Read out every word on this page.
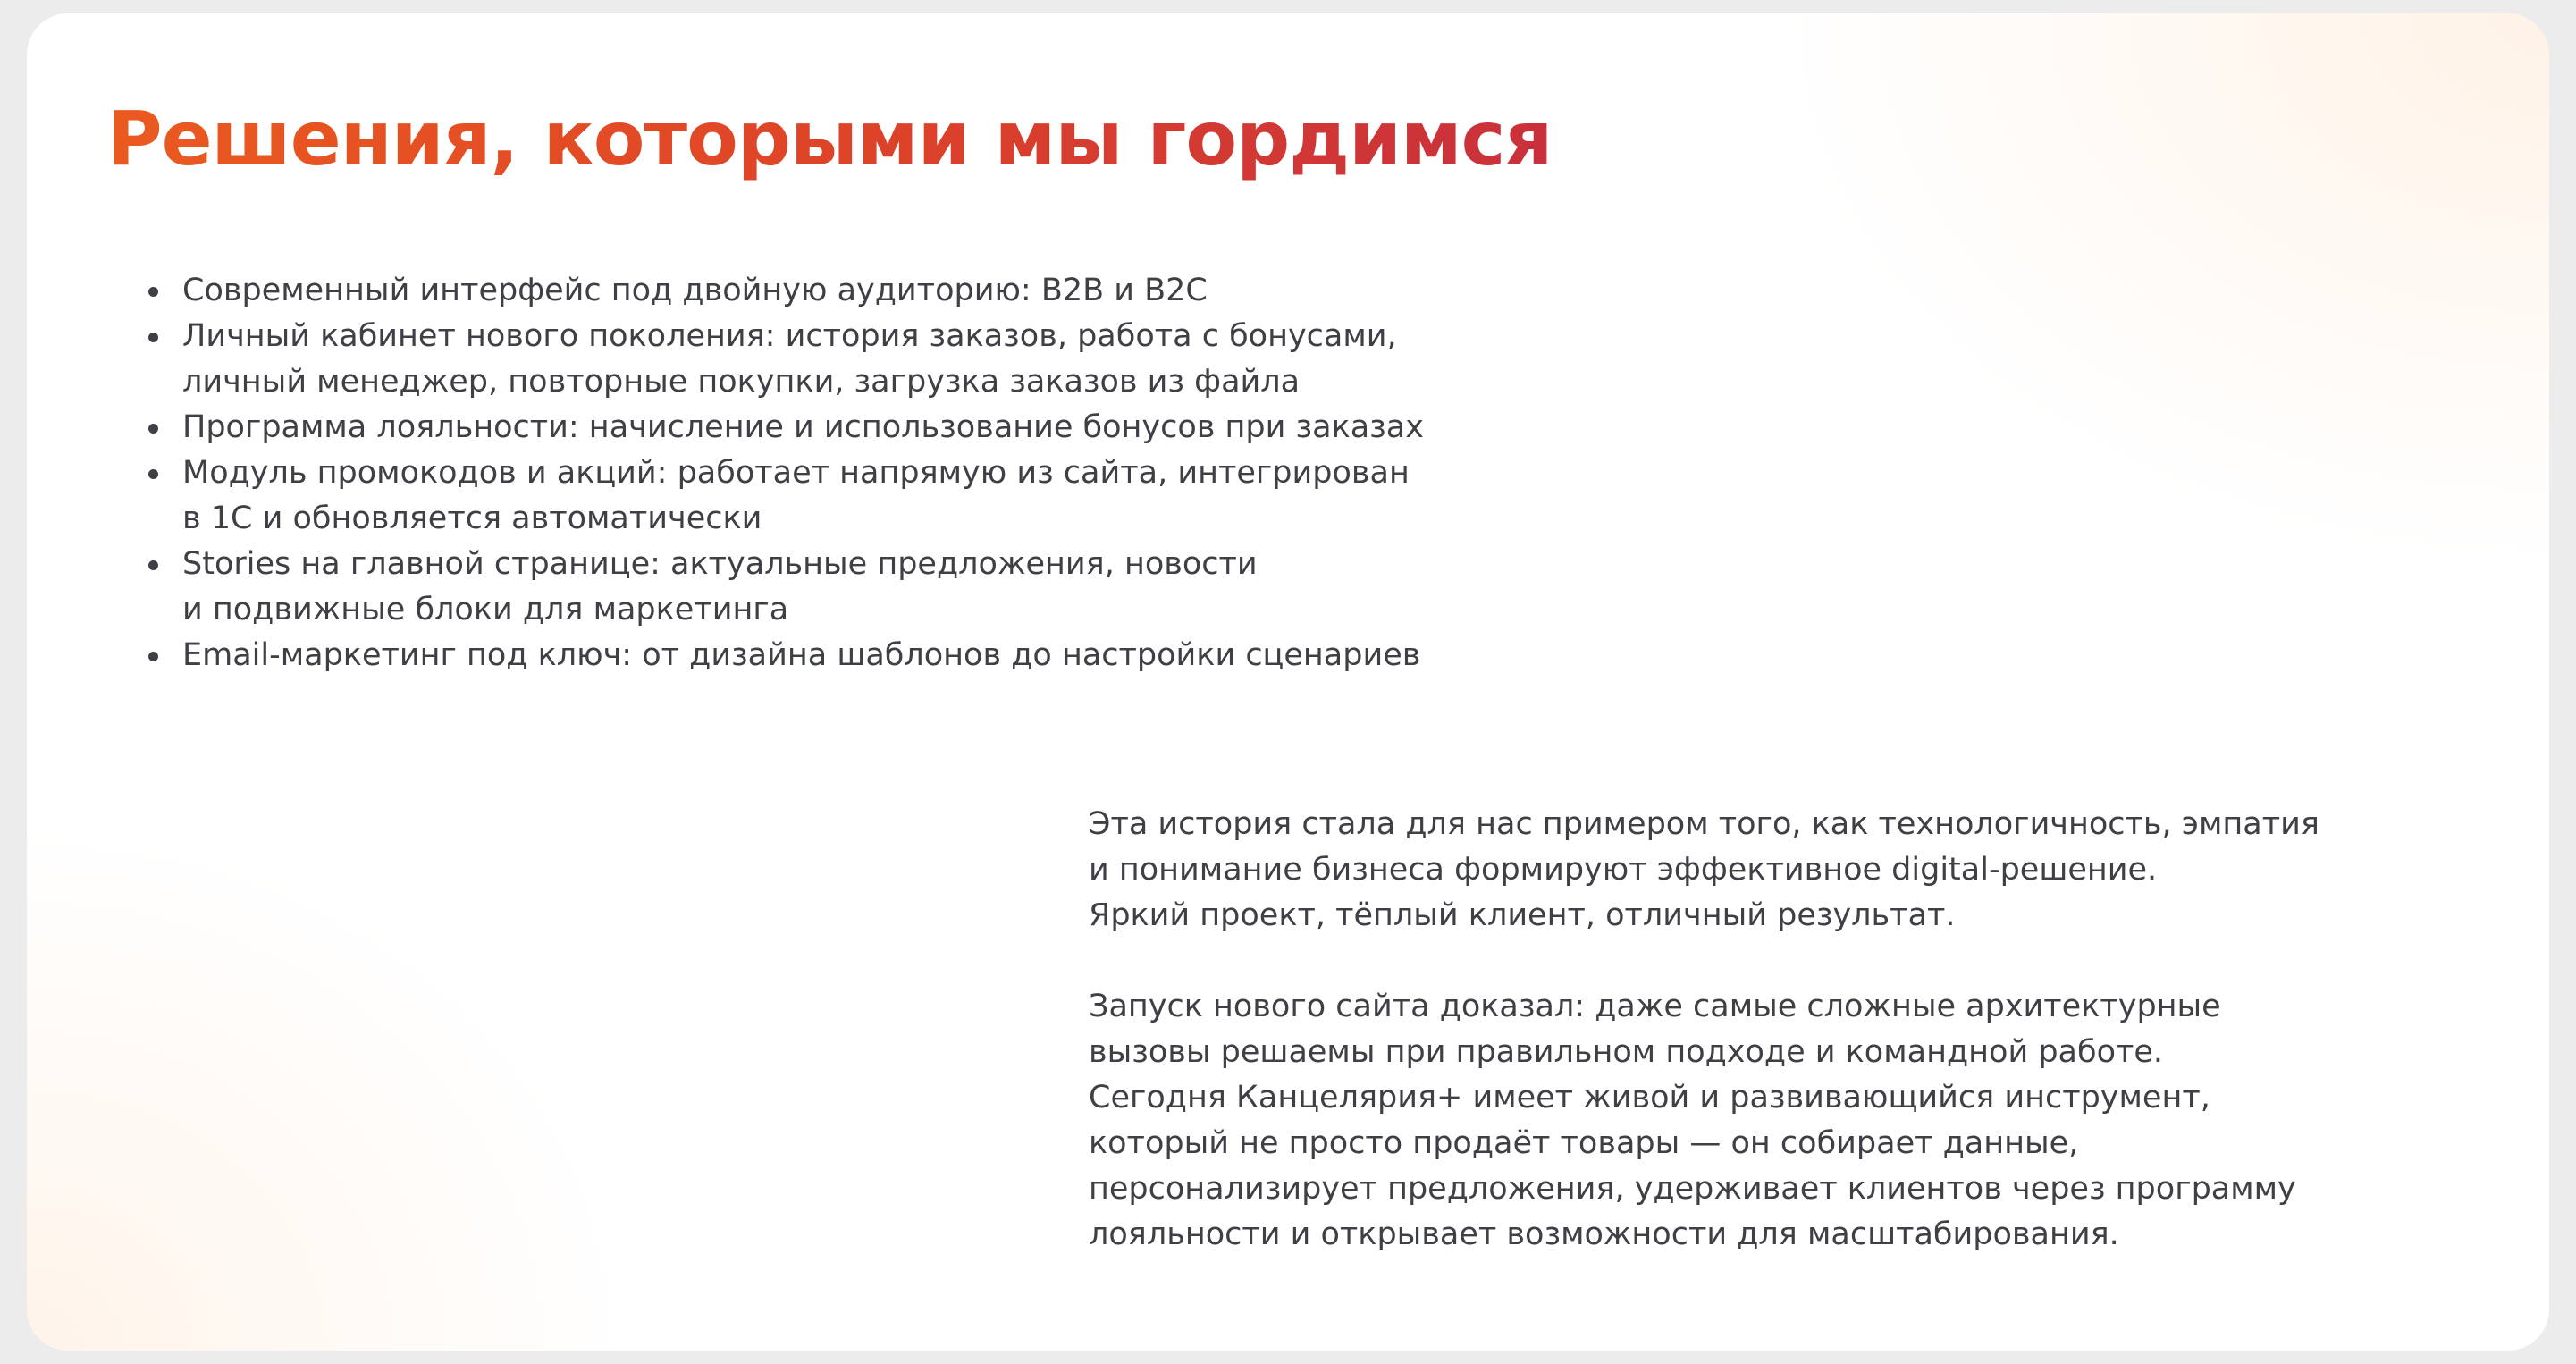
Решения, которыми мы гордимся
Современный интерфейс под двойную аудиторию: B2B и B2C
Личный кабинет нового поколения: история заказов, работа с бонусами,
личный менеджер, повторные покупки, загрузка заказов из файла
Программа лояльности: начисление и использование бонусов при заказах
Модуль промокодов и акций: работает напрямую из сайта, интегрирован
в 1С и обновляется автоматически
Stories на главной странице: актуальные предложения, новости
и подвижные блоки для маркетинга
Email-маркетинг под ключ: от дизайна шаблонов до настройки сценариев

Эта история стала для нас примером того, как технологичность, эмпатия
и понимание бизнеса формируют эффективное digital-решение.
Яркий проект, тёплый клиент, отличный результат.

Запуск нового сайта доказал: даже самые сложные архитектурные
вызовы решаемы при правильном подходе и командной работе.
Сегодня Канцелярия+ имеет живой и развивающийся инструмент,
который не просто продаёт товары — он собирает данные,
персонализирует предложения, удерживает клиентов через программу
лояльности и открывает возможности для масштабирования.
